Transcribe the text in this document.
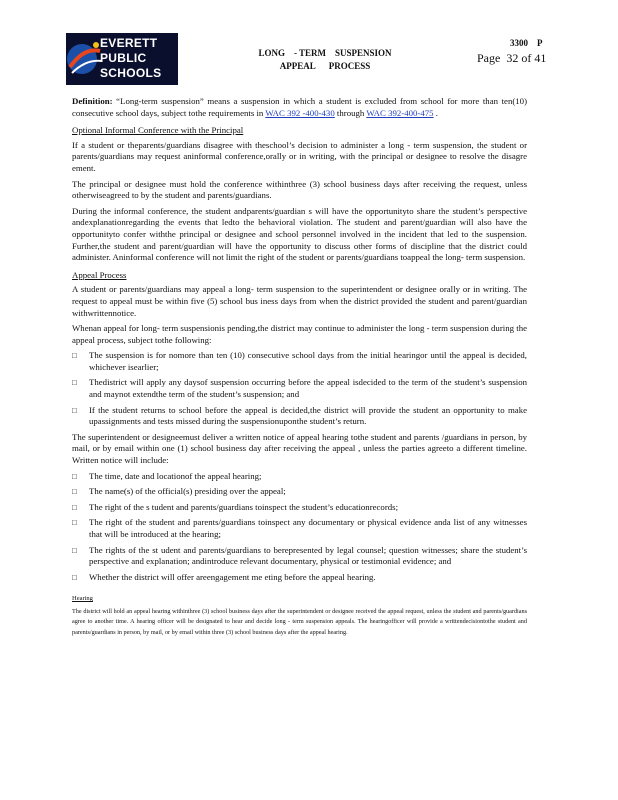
EVERETT
PUBLIC
SCHOOLS
LONG    - TERM    SUSPENSION
APPEAL      PROCESS
3300    P
Page  32 of 41

Definition: “Long-term suspension” means a suspension in which a student is excluded from school for more than ten(10) consecutive school days, subject tothe requirements in WAC 392 -400-430 through WAC 392-400-475 .

Optional Informal Conference with the Principal

If a student or theparents/guardians disagree with theschool’s decision to administer a long - term suspension, the student or parents/guardians may request aninformal conference,orally or in writing, with the principal or designee to resolve the disagre ement.

The principal or designee must hold the conference withinthree (3) school business days after receiving the request, unless otherwiseagreed to by the student and parents/guardians.

During the informal conference, the student andparents/guardian s will have the opportunityto share the student’s perspective andexplanationregarding the events that ledto the behavioral violation. The student and parent/guardian will also have the opportunityto confer withthe principal or designee and school personnel involved in the incident that led to the suspension. Further,the student and parent/guardian will have the opportunity to discuss other forms of discipline that the district could administer. Aninformal conference will not limit the right of the student or parents/guardians toappeal the long- term suspension.

Appeal Process

A student or parents/guardians may appeal a long- term suspension to the superintendent or designee orally or in writing. The request to appeal must be within five (5) school bus iness days from when the district provided the student and parent/guardian withwrittennotice.

Whenan appeal for long- term suspensionis pending,the district may continue to administer the long - term suspension during the appeal process, subject tothe following:

□ The suspension is for nomore than ten (10) consecutive school days from the initial hearingor until the appeal is decided, whichever isearlier;
□ Thedistrict will apply any daysof suspension occurring before the appeal isdecided to the term of the student’s suspension and maynot extendthe term of the student’s suspension; and
□ If the student returns to school before the appeal is decided,the district will provide the student an opportunity to make upassignments and tests missed during the suspensionuponthe student’s return.

The superintendent or designeemust deliver a written notice of appeal hearing tothe student and parents /guardians in person, by mail, or by email within one (1) school business day after receiving the appeal , unless the parties agreeto a different timeline. Written notice will include:

□ The time, date and locationof the appeal hearing;
□ The name(s) of the official(s) presiding over the appeal;
□ The right of the s tudent and parents/guardians toinspect the student’s educationrecords;
□ The right of the student and parents/guardians toinspect any documentary or physical evidence anda list of any witnesses that will be introduced at the hearing;
□ The rights of the st udent and parents/guardians to berepresented by legal counsel; question witnesses; share the student’s perspective and explanation; andintroduce relevant documentary, physical or testimonial evidence; and
□ Whether the district will offer areengagement me eting before the appeal hearing.
Hearing

The district will hold an appeal hearing withinthree (3) school business days after the superintendent or designee received the appeal request, unless the student and parents/guardians agree to another time. A hearing officer will be designated to hear and decide long - term suspension appeals. The hearingofficer will provide a writtendecisiontothe student and parents/guardians in person, by mail, or by email within three (3) school business days after the appeal hearing.
